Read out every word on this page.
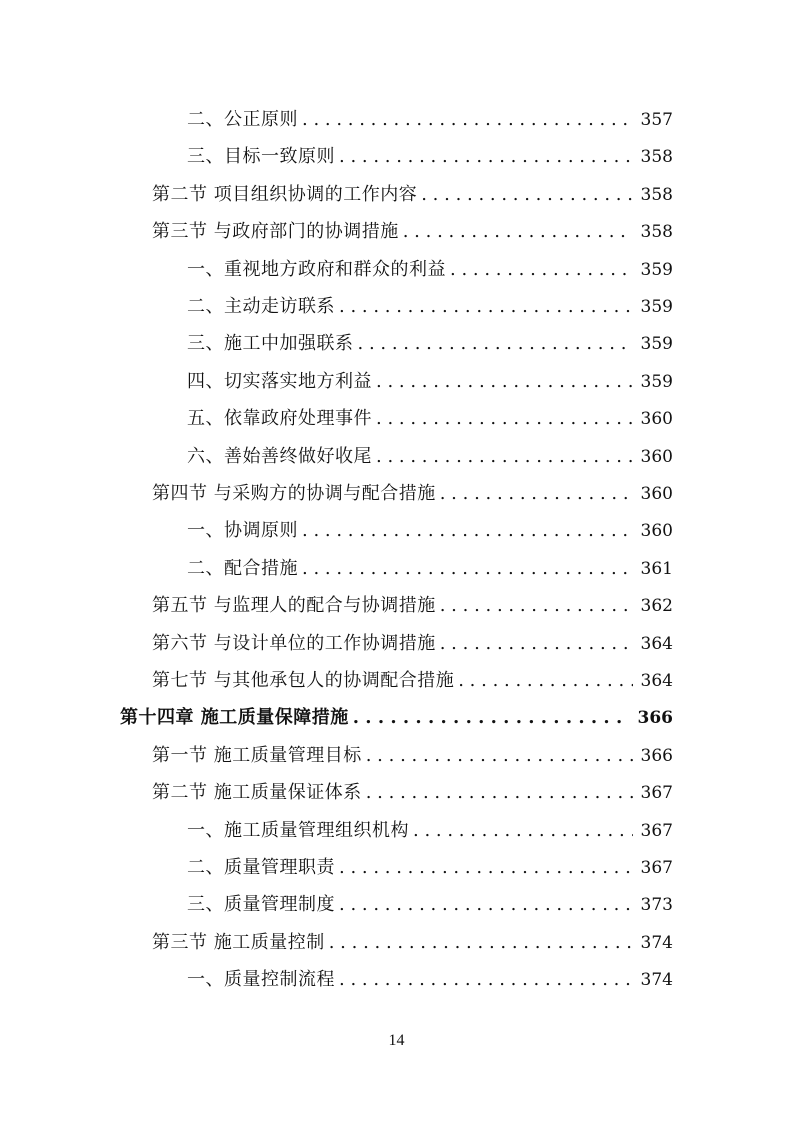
二、公正原则 . . .	357
三、目标一致原则 . . .	358
第二节 项目组织协调的工作内容 . . .	358
第三节 与政府部门的协调措施 . . .	358
一、重视地方政府和群众的利益 . . .	359
二、主动走访联系 . . .	359
三、施工中加强联系 . . .	359
四、切实落实地方利益 . . .	359
五、依靠政府处理事件 . . .	360
六、善始善终做好收尾 . . .	360
第四节 与采购方的协调与配合措施 . . .	360
一、协调原则 . . .	360
二、配合措施 . . .	361
第五节 与监理人的配合与协调措施 . . .	362
第六节 与设计单位的工作协调措施 . . .	364
第七节 与其他承包人的协调配合措施 . . .	364
第十四章 施工质量保障措施 . . .	366
第一节 施工质量管理目标 . . .	366
第二节 施工质量保证体系 . . .	367
一、施工质量管理组织机构 . . .	367
二、质量管理职责 . . .	367
三、质量管理制度 . . .	373
第三节 施工质量控制 . . .	374
一、质量控制流程 . . .	374
14
